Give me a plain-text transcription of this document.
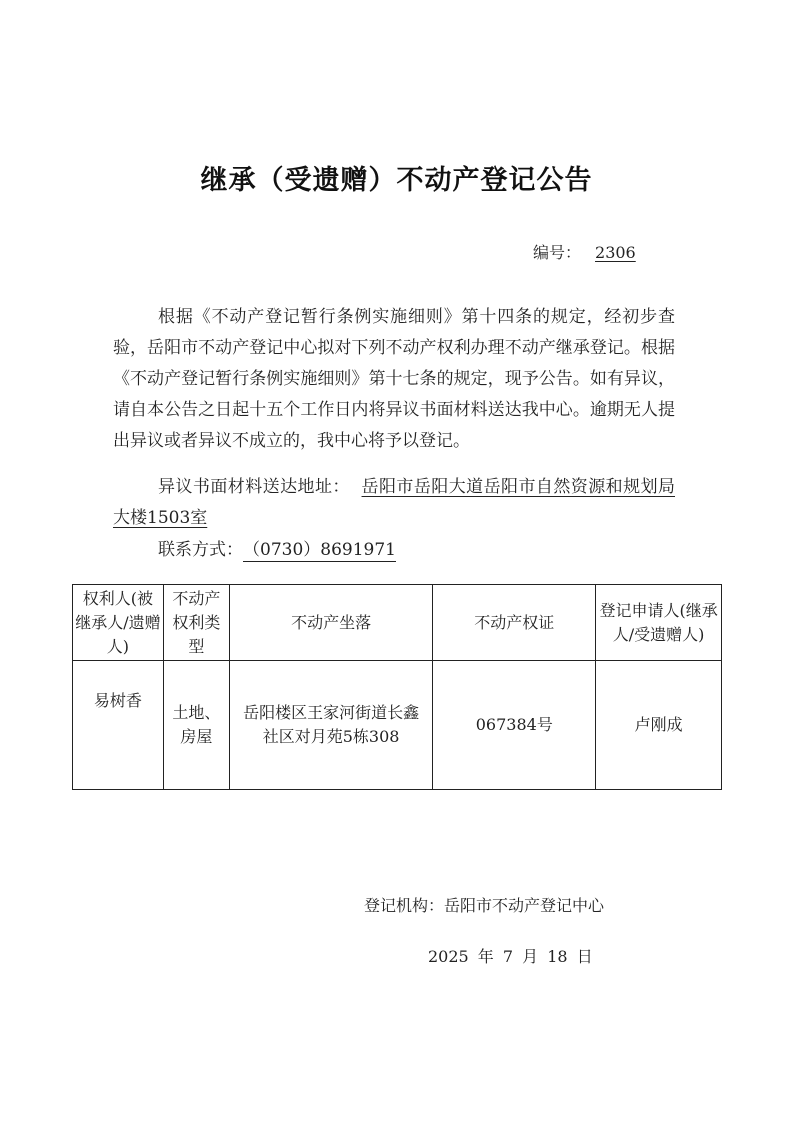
继承（受遗赠）不动产登记公告
编号： 2306

根据《不动产登记暂行条例实施细则》第十四条的规定，经初步查验，岳阳市不动产登记中心拟对下列不动产权利办理不动产继承登记。根据《不动产登记暂行条例实施细则》第十七条的规定，现予公告。如有异议，请自本公告之日起十五个工作日内将异议书面材料送达我中心。逾期无人提出异议或者异议不成立的，我中心将予以登记。

异议书面材料送达地址： 岳阳市岳阳大道岳阳市自然资源和规划局大楼1503室

联系方式：（0730）8691971

权利人(被继承人/遗赠人)	不动产权利类型	不动产坐落	不动产权证	登记申请人(继承人/受遗赠人)
易树香	土地、房屋	岳阳楼区王家河街道长鑫社区对月苑5栋308	067384号	卢刚成
登记机构：岳阳市不动产登记中心
2025 年 7 月 18 日
